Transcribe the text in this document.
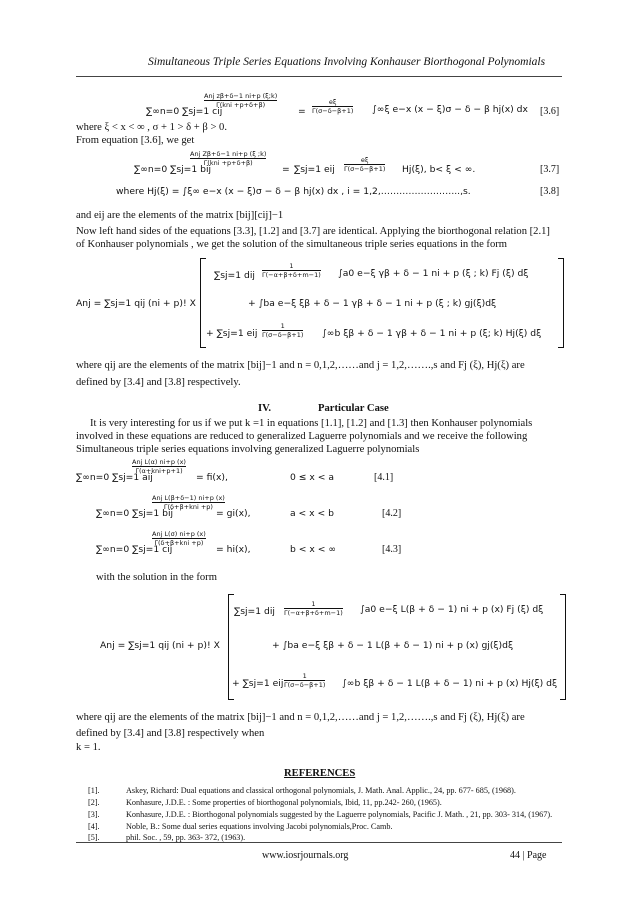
Simultaneous Triple Series Equations Involving Konhauser Biorthogonal Polynomials
∑∞n=0 ∑sj=1 cij
Anj zβ+δ−1 ni+p (ξ;k)
Γ(kni +p+δ+β)
=
eξ
Γ(σ−δ−β+1) ∫∞ξ e−x (x − ξ)σ − δ − β hj(x) dx [3.6]
where ξ < x < ∞ , σ + 1 > δ + β > 0.
From equation [3.6], we get
∑∞n=0 ∑sj=1 bij
Anj Zβ+δ−1 ni+p (ξ ;k)
Γ(kni +p+δ+β)
= ∑sj=1 eij
eξ
Γ(σ−δ−β+1) Hj(ξ), b< ξ < ∞.	[3.7]
where Hj(ξ) = ∫ξ∞ e−x (x − ξ)σ − δ − β hj(x) dx , i = 1,2,……………………..,s.	[3.8]
and eij are the elements of the matrix [bij][cij]−1
Now left hand sides of the equations [3.3], [1.2] and [3.7] are identical. Applying the biorthogonal relation [2.1]
of Konhauser polynomials , we get the solution of the simultaneous triple series equations in the form
Anj = ∑sj=1 qij (ni + p)! X
∑sj=1 dij
1
Γ(−α+β+δ+m−1) ∫a0 e−ξ γβ + δ − 1 ni + p (ξ ; k) Fj (ξ) dξ
+ ∫ba e−ξ ξβ + δ − 1 γβ + δ − 1 ni + p (ξ ; k) gj(ξ)dξ
+ ∑sj=1 eij
1
Γ(σ−δ−β+1) ∫∞b ξβ + δ − 1 γβ + δ − 1 ni + p (ξ; k) Hj(ξ) dξ
where qij are the elements of the matrix [bij]−1 and n = 0,1,2,……and j = 1,2,…….,s and Fj (ξ), Hj(ξ) are
defined by [3.4] and [3.8] respectively.
IV.	Particular Case
It is very interesting for us if we put k =1 in equations [1.1], [1.2] and [1.3] then Konhauser polynomials
involved in these equations are reduced to generalized Laguerre polynomials and we receive the following
Simultaneous triple series equations involving generalized Laguerre polynomials
∑∞n=0 ∑sj=1 aij
Anj L(α) ni+p (x)
Γ(α+kni+p+1)
= fi(x),	0 ≤ x < a	[4.1]
∑∞n=0 ∑sj=1 bij
Anj L(β+δ−1) ni+p (x)
Γ(δ+β+kni +p)
= gi(x),	a < x < b	[4.2]
∑∞n=0 ∑sj=1 cij
Anj L(σ) ni+p (x)
Γ(δ+β+kni +p)
= hi(x),	b < x < ∞	[4.3]
with the solution in the form
Anj = ∑sj=1 qij (ni + p)! X
∑sj=1 dij
1
Γ(−α+β+δ+m−1) ∫a0 e−ξ L(β + δ − 1) ni + p (x) Fj (ξ) dξ
+ ∫ba e−ξ ξβ + δ − 1 L(β + δ − 1) ni + p (x) gj(ξ)dξ
+ ∑sj=1 eij
1
Γ(σ−δ−β+1) ∫∞b ξβ + δ − 1 L(β + δ − 1) ni + p (x) Hj(ξ) dξ
where qij are the elements of the matrix [bij]−1 and n = 0,1,2,……and j = 1,2,…….,s and Fj (ξ), Hj(ξ) are
defined by [3.4] and [3.8] respectively when
k = 1.
REFERENCES
[1].	Askey, Richard: Dual equations and classical orthogonal polynomials, J. Math. Anal. Applic., 24, pp. 677- 685, (1968).
[2].	Konhasure, J.D.E. : Some properties of biorthogonal polynomials, Ibid, 11, pp.242- 260, (1965).
[3].	Konhasure, J.D.E. : Biorthogonal polynomials suggested by the Laguerre polynomials, Pacific J. Math. , 21, pp. 303- 314, (1967).
[4].	Noble, B.: Some dual series equations involving Jacobi polynomials,Proc. Camb.
[5].	phil. Soc. , 59, pp. 363- 372, (1963).
www.iosrjournals.org	44 | Page
